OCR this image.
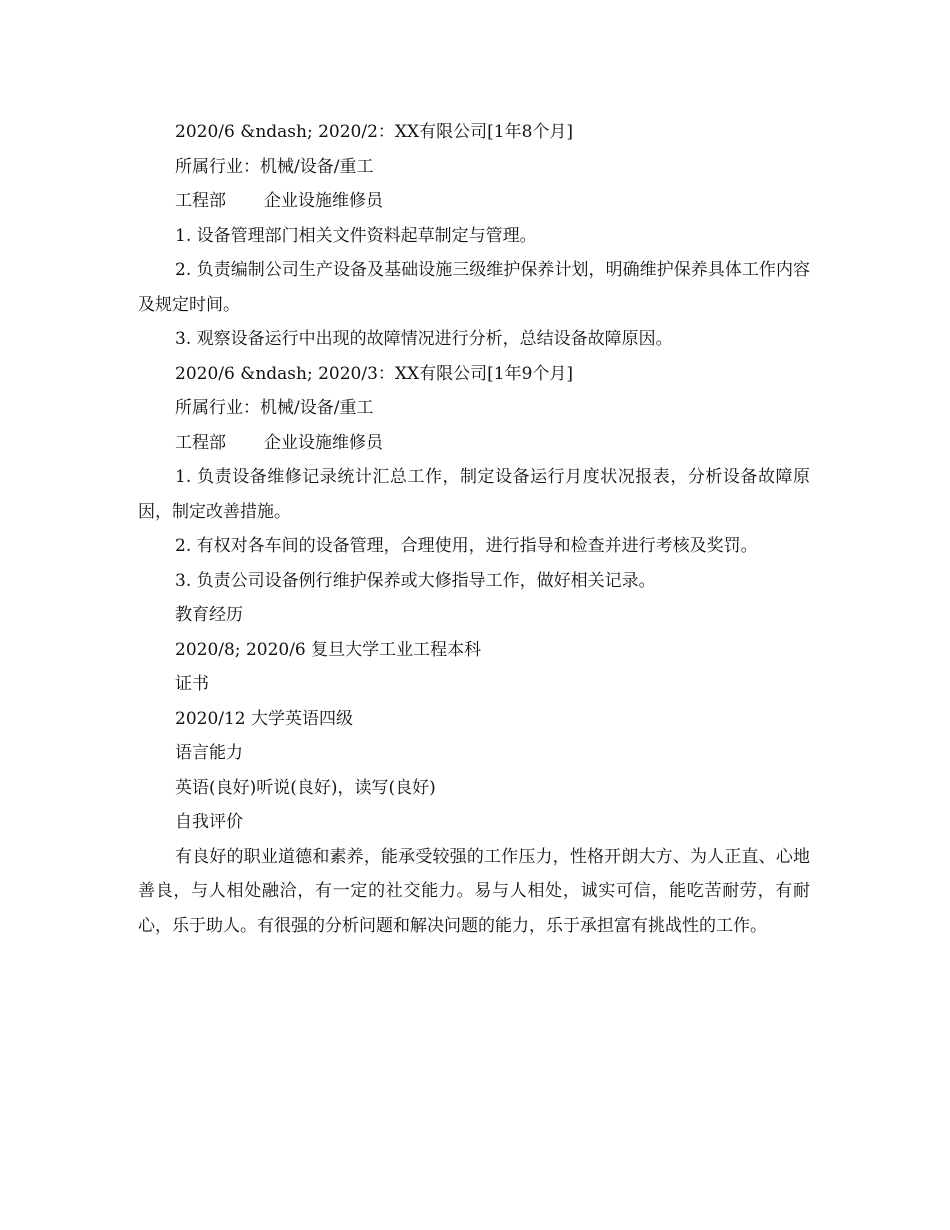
2020/6 &ndash; 2020/2：XX有限公司[1年8个月]

所属行业：机械/设备/重工

工程部 企业设施维修员

1. 设备管理部门相关文件资料起草制定与管理。

2. 负责编制公司生产设备及基础设施三级维护保养计划，明确维护保养具体工作内容及规定时间。

3. 观察设备运行中出现的故障情况进行分析，总结设备故障原因。

2020/6 &ndash; 2020/3：XX有限公司[1年9个月]

所属行业：机械/设备/重工

工程部 企业设施维修员

1. 负责设备维修记录统计汇总工作，制定设备运行月度状况报表，分析设备故障原因，制定改善措施。

2. 有权对各车间的设备管理，合理使用，进行指导和检查并进行考核及奖罚。

3. 负责公司设备例行维护保养或大修指导工作，做好相关记录。

教育经历

2020/8; 2020/6 复旦大学工业工程本科

证书

2020/12 大学英语四级

语言能力

英语(良好)听说(良好)，读写(良好)

自我评价

有良好的职业道德和素养，能承受较强的工作压力，性格开朗大方、为人正直、心地善良，与人相处融洽，有一定的社交能力。易与人相处，诚实可信，能吃苦耐劳，有耐心，乐于助人。有很强的分析问题和解决问题的能力，乐于承担富有挑战性的工作。
